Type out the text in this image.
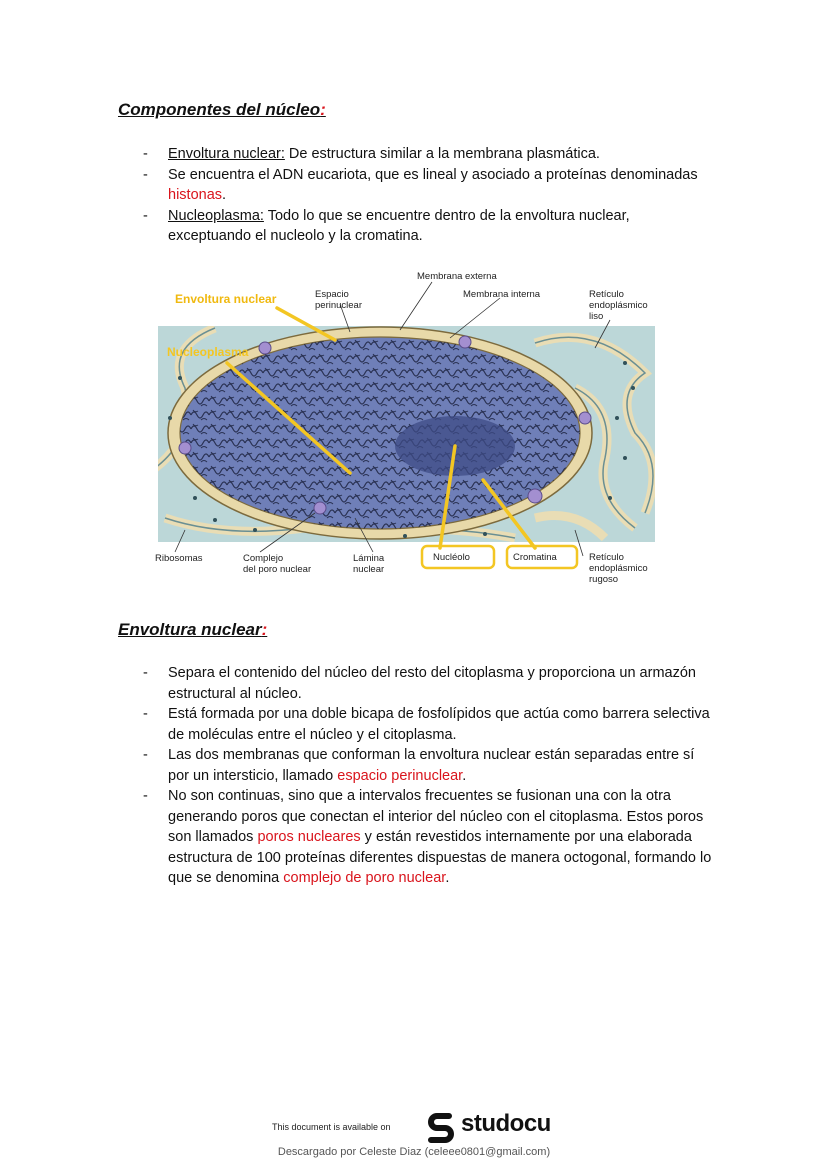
Componentes del núcleo:
- Envoltura nuclear: De estructura similar a la membrana plasmática.
- Se encuentra el ADN eucariota, que es lineal y asociado a proteínas denominadas histonas.
- Nucleoplasma: Todo lo que se encuentre dentro de la envoltura nuclear, exceptuando el nucleolo y la cromatina.
Envoltura nuclear
Nucleoplasma
Espacio
perinuclear
Membrana externa
Membrana interna	Retículo
endoplásmico
liso
Ribosomas	Complejo
del poro nuclear
Lámina
nuclear
Nucléolo	Cromatina	Retículo
endoplásmico
rugoso
Envoltura nuclear:
- Separa el contenido del núcleo del resto del citoplasma y proporciona un armazón estructural al núcleo.
- Está formada por una doble bicapa de fosfolípidos que actúa como barrera selectiva de moléculas entre el núcleo y el citoplasma.
- Las dos membranas que conforman la envoltura nuclear están separadas entre sí por un intersticio, llamado espacio perinuclear.
- No son continuas, sino que a intervalos frecuentes se fusionan una con la otra generando poros que conectan el interior del núcleo con el citoplasma. Estos poros son llamados poros nucleares y están revestidos internamente por una elaborada estructura de 100 proteínas diferentes dispuestas de manera octogonal, formando lo que se denomina complejo de poro nuclear.
This document is available on	studocu
Descargado por Celeste Diaz (celeee0801@gmail.com)
